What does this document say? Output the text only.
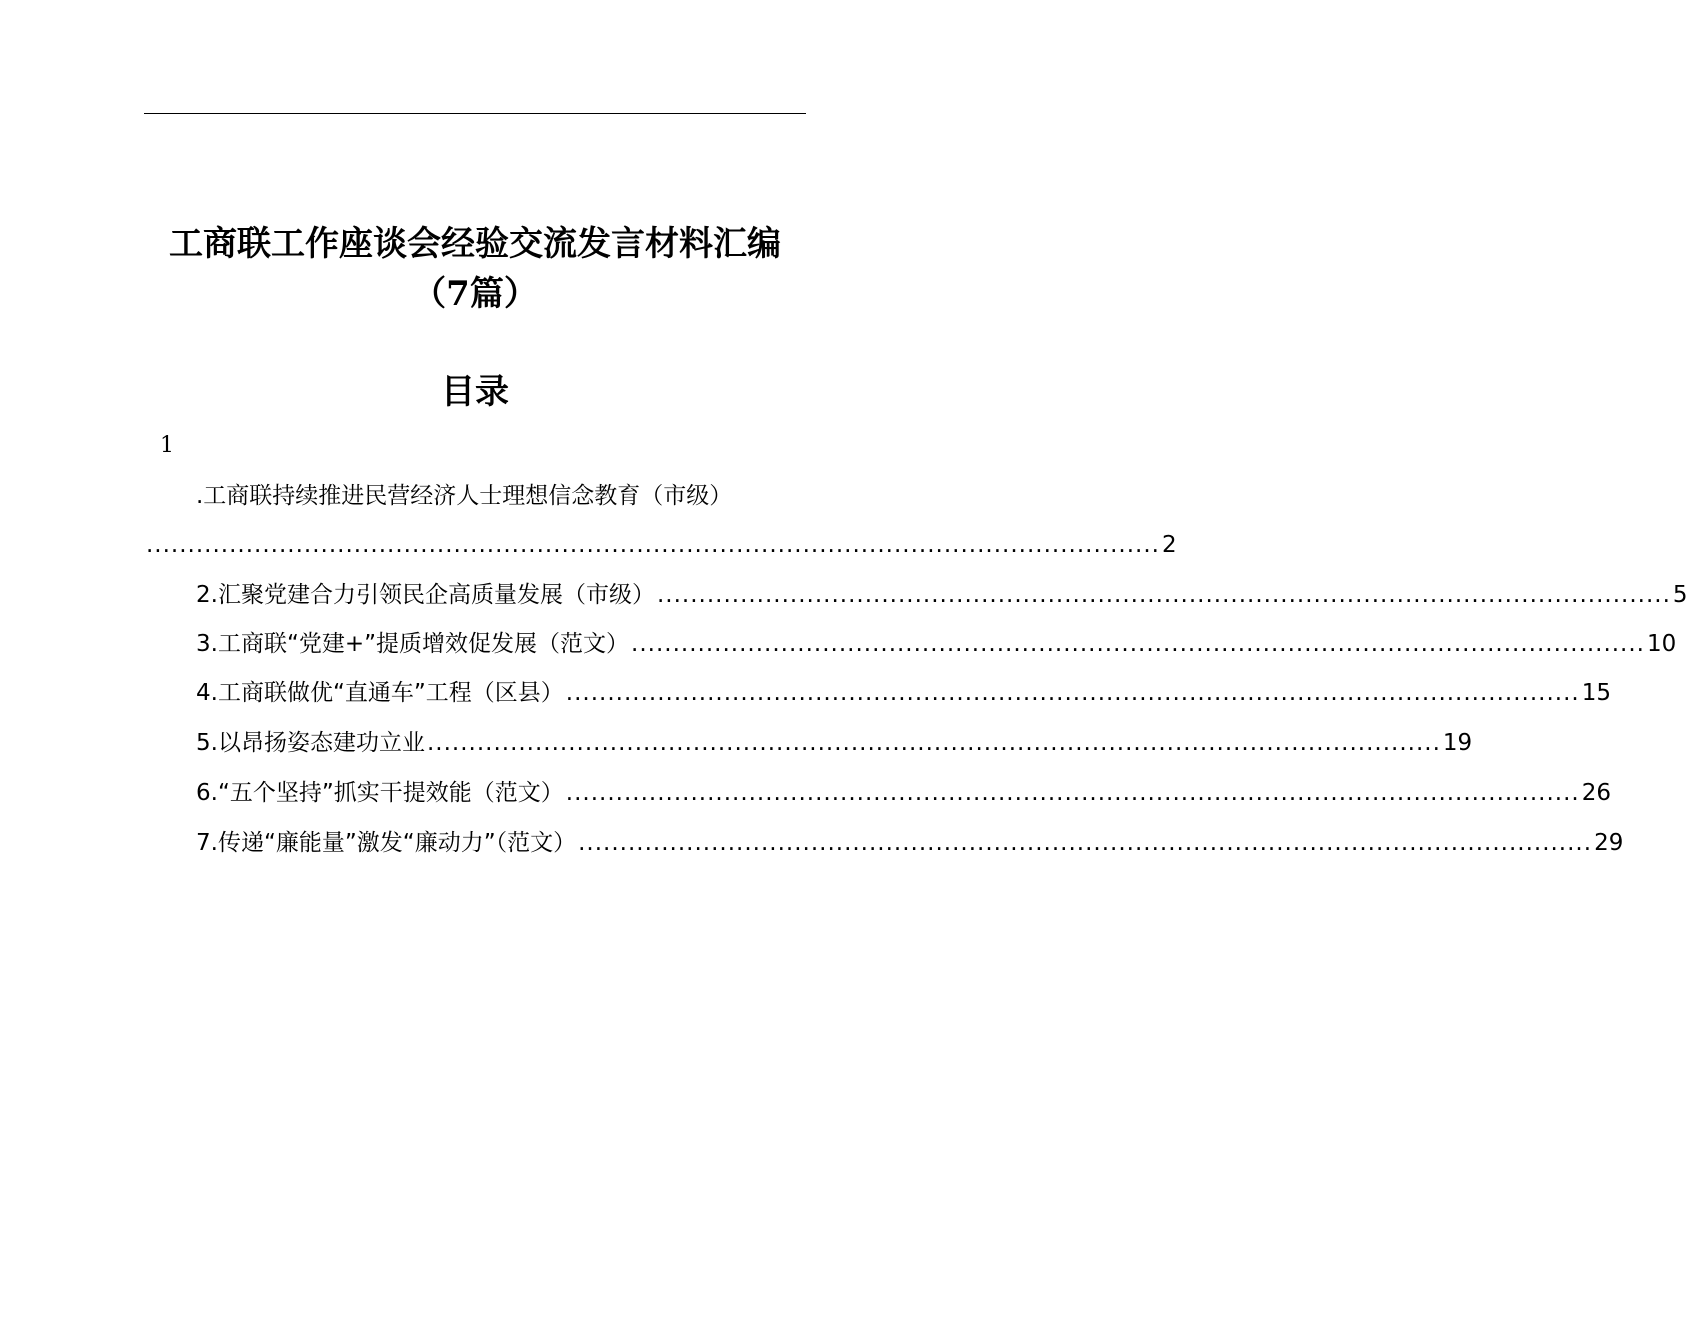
工商联工作座谈会经验交流发言材料汇编
（7篇）
目录
1
.工商联持续推进民营经济人士理想信念教育（市级）
.......................................................................................................................... 2
2.汇聚党建合力引领民企高质量发展（市级） .......................................................................................................................... 5
3.工商联“党建+”提质增效促发展（范文） .......................................................................................................................... 10
4.工商联做优“直通车”工程（区县） .......................................................................................................................... 15
5.以昂扬姿态建功立业 .......................................................................................................................... 19
6.“五个坚持”抓实干提效能（范文） .......................................................................................................................... 26
7.传递“廉能量”激发“廉动力”（范文） .......................................................................................................................... 29
